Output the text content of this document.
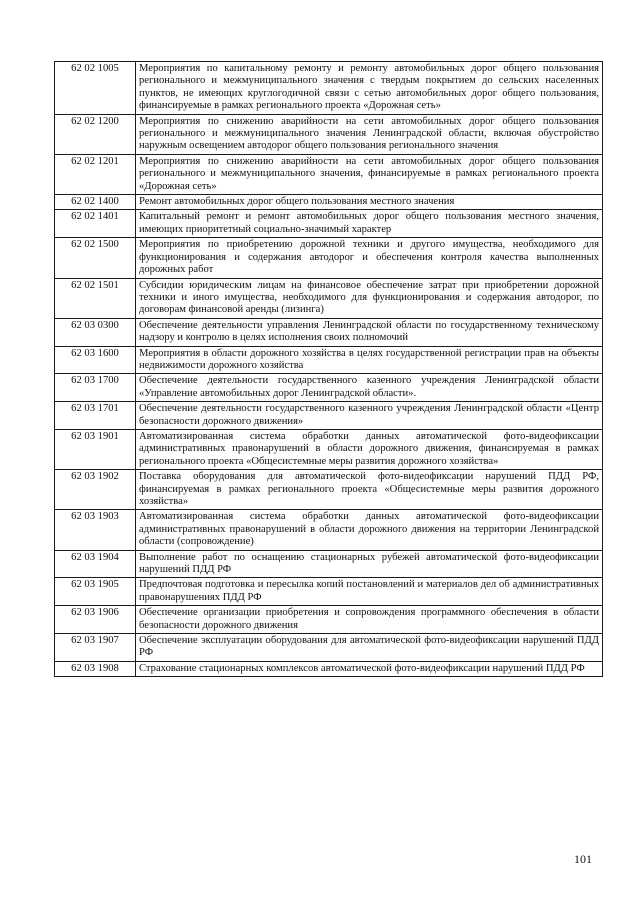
62 02 1005	Мероприятия по капитальному ремонту и ремонту автомобильных дорог общего пользования регионального и межмуниципального значения с твердым покрытием до сельских населенных пунктов, не имеющих круглогодичной связи с сетью автомобильных дорог общего пользования, финансируемые в рамках регионального проекта «Дорожная сеть»
62 02 1200	Мероприятия по снижению аварийности на сети автомобильных дорог общего пользования регионального и межмуниципального значения Ленинградской области, включая обустройство наружным освещением автодорог общего пользования регионального значения
62 02 1201	Мероприятия по снижению аварийности на сети автомобильных дорог общего пользования регионального и межмуниципального значения, финансируемые в рамках регионального проекта «Дорожная сеть»
62 02 1400	Ремонт автомобильных дорог общего пользования местного значения
62 02 1401	Капитальный ремонт и ремонт автомобильных дорог общего пользования местного значения, имеющих приоритетный социально-значимый характер
62 02 1500	Мероприятия по приобретению дорожной техники и другого имущества, необходимого для функционирования и содержания автодорог и обеспечения контроля качества выполненных дорожных работ
62 02 1501	Субсидии юридическим лицам на финансовое обеспечение затрат при приобретении дорожной техники и иного имущества, необходимого для функционирования и содержания автодорог, по договорам финансовой аренды (лизинга)
62 03 0300	Обеспечение деятельности управления Ленинградской области по государственному техническому надзору и контролю в целях исполнения своих полномочий
62 03 1600	Мероприятия в области дорожного хозяйства в целях государственной регистрации прав на объекты недвижимости дорожного хозяйства
62 03 1700	Обеспечение деятельности государственного казенного учреждения Ленинградской области «Управление автомобильных дорог Ленинградской области».
62 03 1701	Обеспечение деятельности государственного казенного учреждения Ленинградской области «Центр безопасности дорожного движения»
62 03 1901	Автоматизированная система обработки данных автоматической фото-видеофиксации административных правонарушений в области дорожного движения, финансируемая в рамках регионального проекта «Общесистемные меры развития дорожного хозяйства»
62 03 1902	Поставка оборудования для автоматической фото-видеофиксации нарушений ПДД РФ, финансируемая в рамках регионального проекта «Общесистемные меры развития дорожного хозяйства»
62 03 1903	Автоматизированная система обработки данных автоматической фото-видеофиксации административных правонарушений в области дорожного движения на территории Ленинградской области (сопровождение)
62 03 1904	Выполнение работ по оснащению стационарных рубежей автоматической фото-видеофиксации нарушений ПДД РФ
62 03 1905	Предпочтовая подготовка и пересылка копий постановлений и материалов дел об административных правонарушениях ПДД РФ
62 03 1906	Обеспечение организации приобретения и сопровождения программного обеспечения в области безопасности дорожного движения
62 03 1907	Обеспечение эксплуатации оборудования для автоматической фото-видеофиксации нарушений ПДД РФ
62 03 1908	Страхование стационарных комплексов автоматической фото-видеофиксации нарушений ПДД РФ
101
